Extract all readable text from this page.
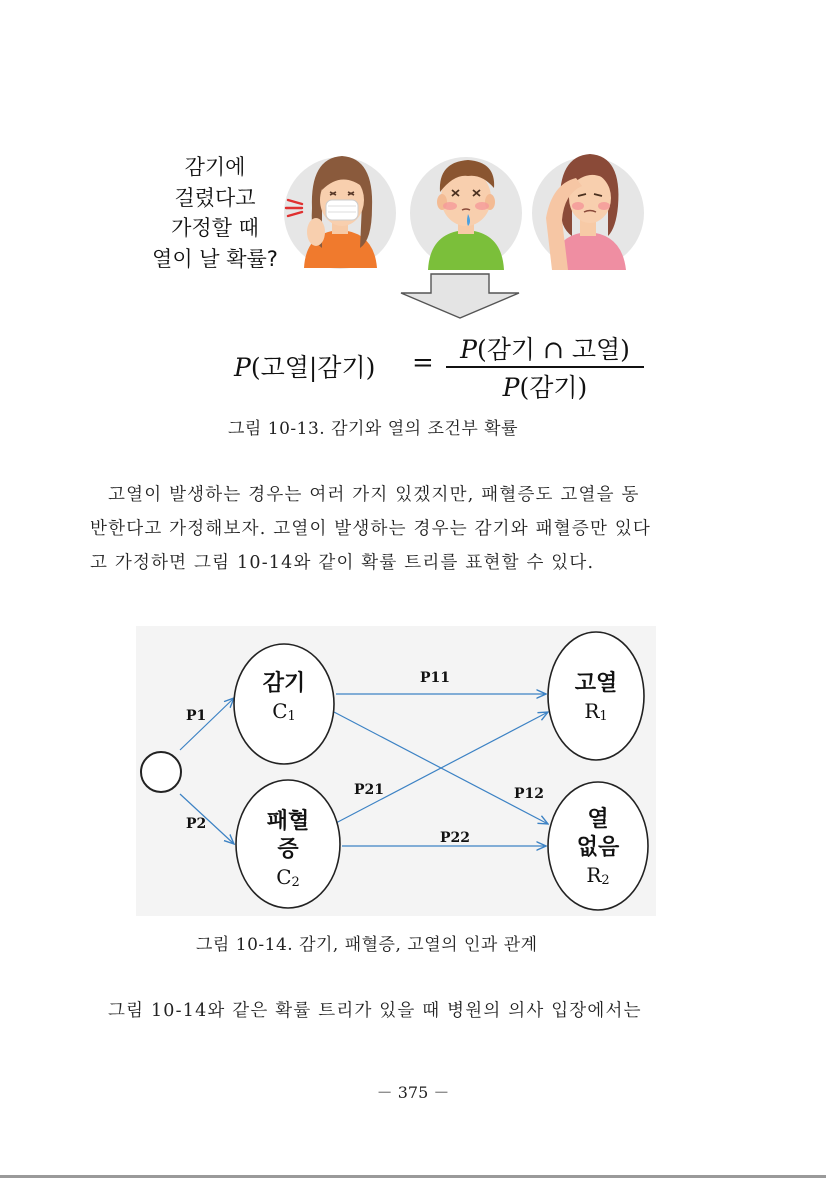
감기에
걸렸다고
가정할 때
열이 날 확률?
P(고열|감기) =	P(감기 ∩ 고열)
P(감기)
그림 10-13. 감기와 열의 조건부 확률
고열이 발생하는 경우는 여러 가지 있겠지만, 패혈증도 고열을 동
반한다고 가정해보자. 고열이 발생하는 경우는 감기와 패혈증만 있다
고 가정하면 그림 10-14와 같이 확률 트리를 표현할 수 있다.
P1
P2
P11
P12
P21
P22
감기
C1
패혈
증
C2
고열
R1
열
없음
R2
그림 10-14. 감기, 패혈증, 고열의 인과 관계
그림 10-14와 같은 확률 트리가 있을 때 병원의 의사 입장에서는
－ 375 －
